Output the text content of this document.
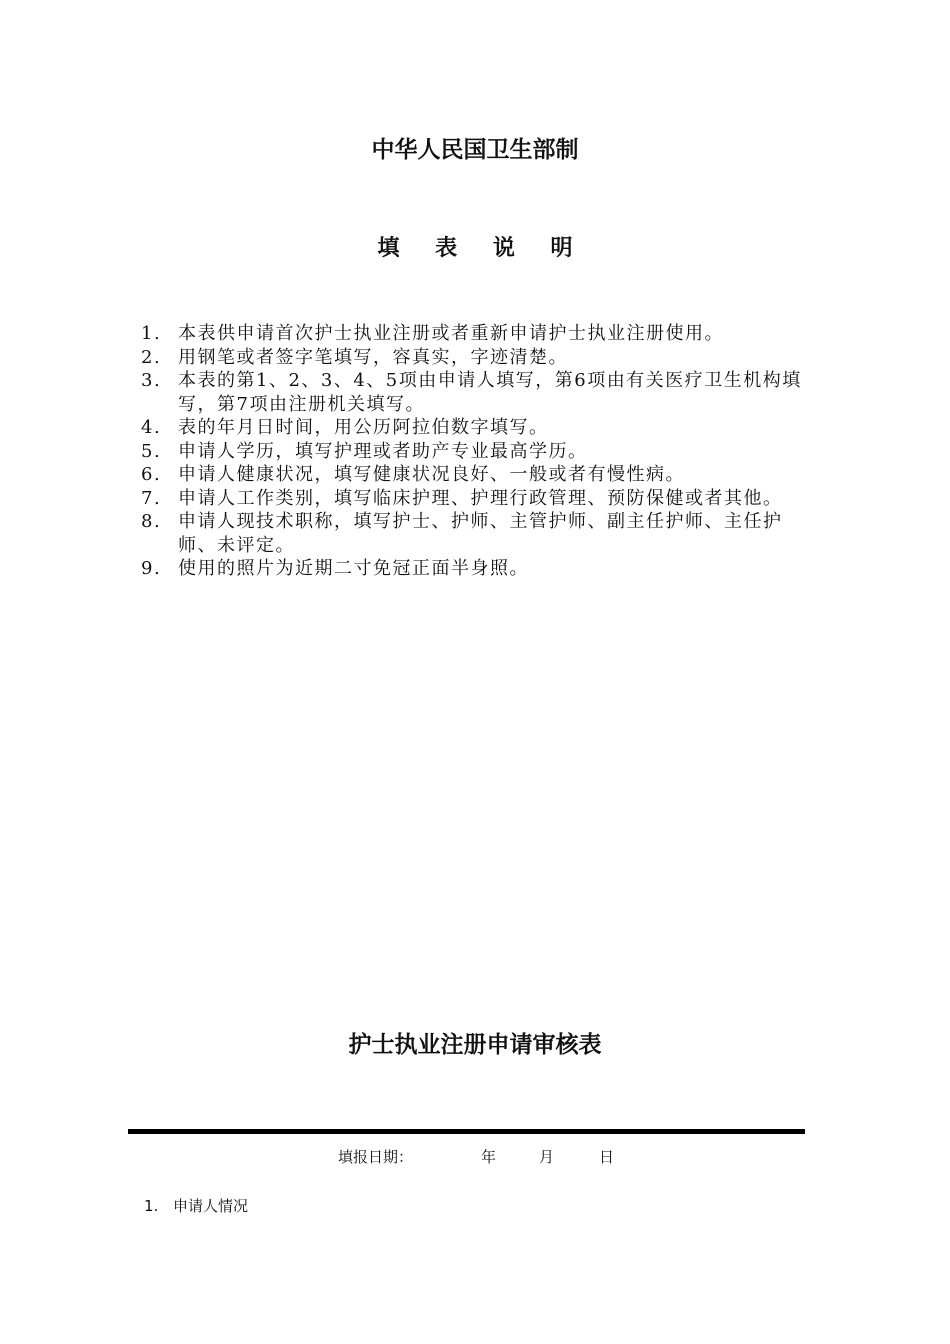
中华人民国卫生部制
填 表 说 明
1. 本表供申请首次护士执业注册或者重新申请护士执业注册使用。
2. 用钢笔或者签字笔填写，容真实，字迹清楚。
3. 本表的第1、2、3、4、5项由申请人填写，第6项由有关医疗卫生机构填写，第7项由注册机关填写。
4. 表的年月日时间，用公历阿拉伯数字填写。
5. 申请人学历，填写护理或者助产专业最高学历。
6. 申请人健康状况，填写健康状况良好、一般或者有慢性病。
7. 申请人工作类别，填写临床护理、护理行政管理、预防保健或者其他。
8. 申请人现技术职称，填写护士、护师、主管护师、副主任护师、主任护师、未评定。
9. 使用的照片为近期二寸免冠正面半身照。
护士执业注册申请审核表
填报日期：	年	月	日
1. 申请人情况
